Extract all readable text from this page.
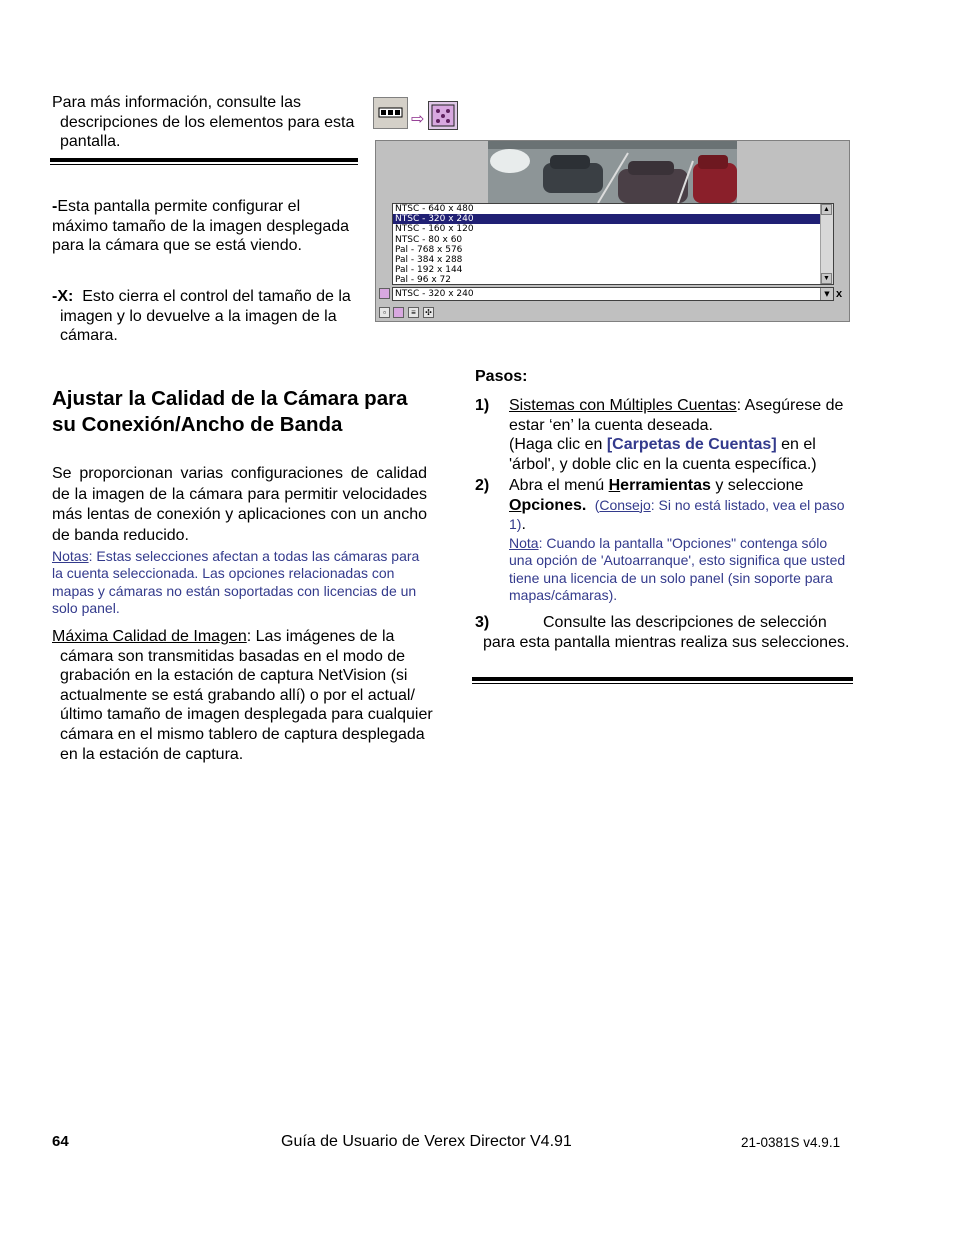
Para más información, consulte las descripciones de los elementos para esta pantalla.
-Esta pantalla permite configurar el máximo tamaño de la imagen desplegada para la cámara que se está viendo.
-X: Esto cierra el control del tamaño de la imagen y lo devuelve a la imagen de la cámara.
⇨
NTSC - 640 x 480
NTSC - 320 x 240
NTSC - 160 x 120
NTSC - 80 x 60
Pal - 768 x 576
Pal - 384 x 288
Pal - 192 x 144
Pal - 96 x 72
▲
▼
NTSC - 320 x 240	▼ x
▫	≡	✣
Ajustar la Calidad de la Cámara para su Conexión/Ancho de Banda
Se proporcionan varias configuraciones de calidad de la imagen de la cámara para permitir velocidades más lentas de conexión y aplicaciones con un ancho de banda reducido.
Notas: Estas selecciones afectan a todas las cámaras para la cuenta seleccionada. Las opciones relacionadas con mapas y cámaras no están soportadas con licencias de un solo panel.
Máxima Calidad de Imagen: Las imágenes de la cámara son transmitidas basadas en el modo de grabación en la estación de captura NetVision (si actualmente se está grabando allí) o por el actual/último tamaño de imagen desplegada para cualquier cámara en el mismo tablero de captura desplegada en la estación de captura.
Pasos:
1) Sistemas con Múltiples Cuentas: Asegúrese de estar ‘en’ la cuenta deseada.
(Haga clic en [Carpetas de Cuentas] en el 'árbol', y doble clic en la cuenta específica.)
2) Abra el menú Herramientas y seleccione
Opciones. (Consejo: Si no está listado, vea el paso 1).
Nota: Cuando la pantalla "Opciones" contenga sólo una opción de 'Autoarranque', esto significa que usted tiene una licencia de un solo panel (sin soporte para mapas/cámaras).
3)	Consulte las descripciones de selección para esta pantalla mientras realiza sus selecciones.
64	Guía de Usuario de Verex Director V4.91	21-0381S v4.9.1
